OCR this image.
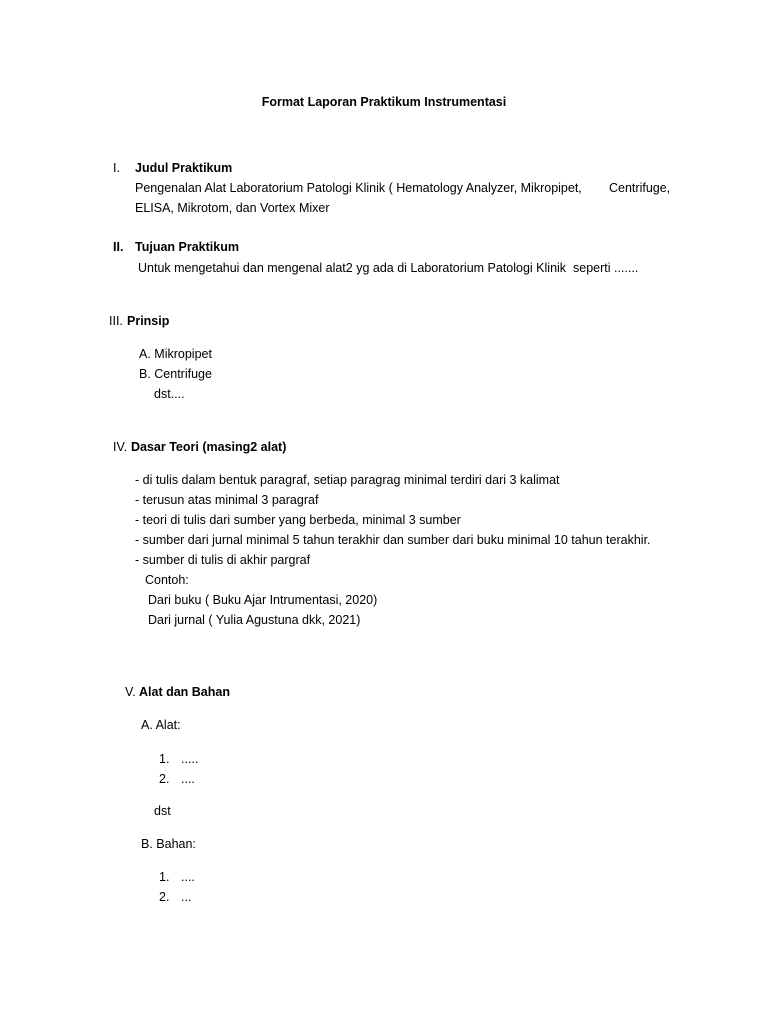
Format Laporan Praktikum Instrumentasi
I. Judul Praktikum
Pengenalan Alat Laboratorium Patologi Klinik ( Hematology Analyzer, Mikropipet, Centrifuge,
ELISA, Mikrotom, dan Vortex Mixer
II. Tujuan Praktikum
Untuk mengetahui dan mengenal alat2 yg ada di Laboratorium Patologi Klinik  seperti .......
III. Prinsip
A. Mikropipet
B. Centrifuge
dst....
IV. Dasar Teori (masing2 alat)
- di tulis dalam bentuk paragraf, setiap paragrag minimal terdiri dari 3 kalimat
- terusun atas minimal 3 paragraf
- teori di tulis dari sumber yang berbeda, minimal 3 sumber
- sumber dari jurnal minimal 5 tahun terakhir dan sumber dari buku minimal 10 tahun terakhir.
- sumber di tulis di akhir pargraf
Contoh:
Dari buku ( Buku Ajar Intrumentasi, 2020)
Dari jurnal ( Yulia Agustuna dkk, 2021)
V. Alat dan Bahan
A. Alat:
1. .....
2. ....
dst
B. Bahan:
1. ....
2. ...
